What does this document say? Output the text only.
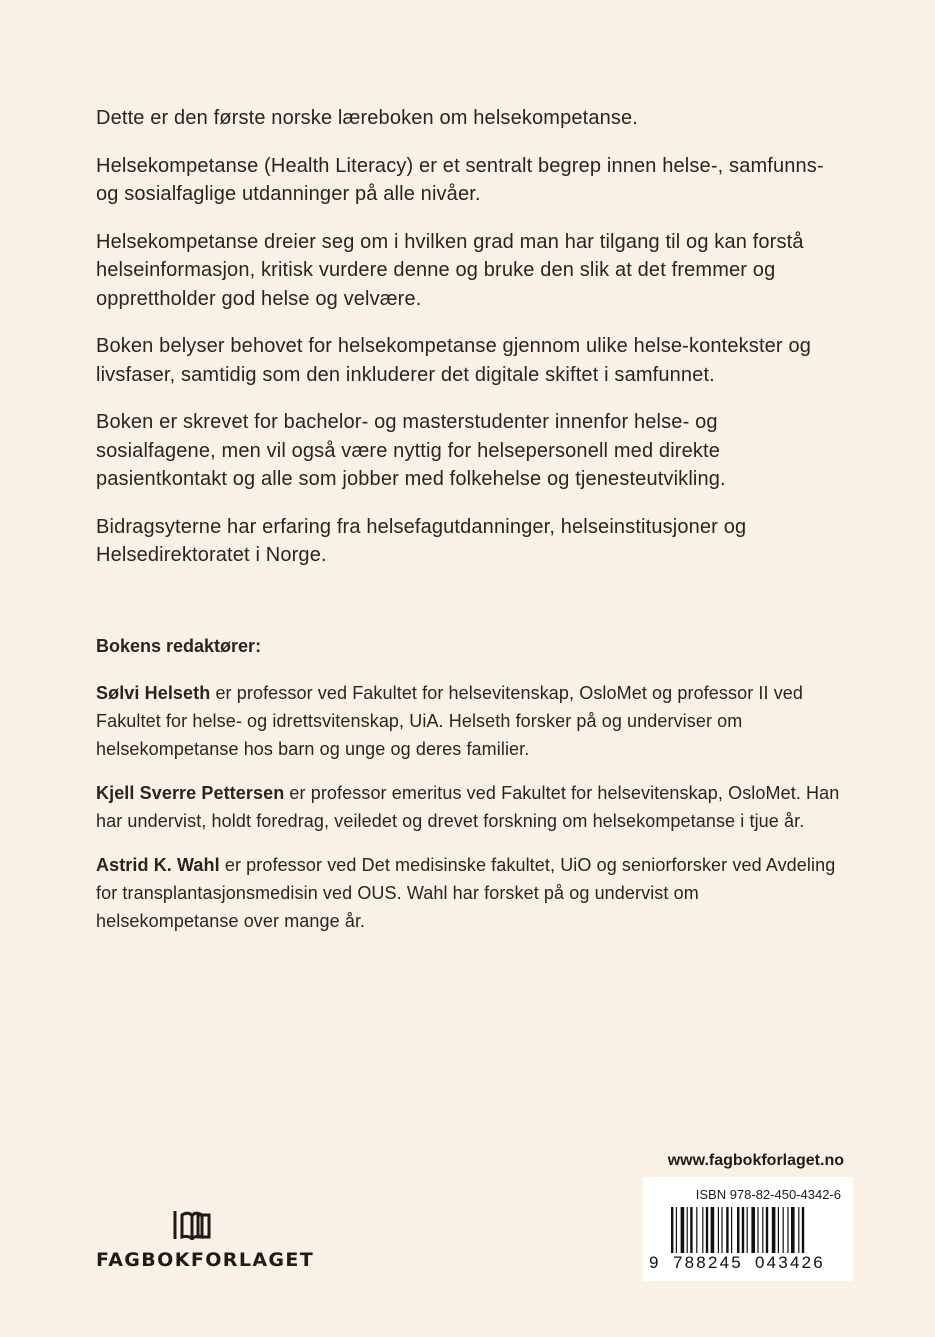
Dette er den første norske læreboken om helsekompetanse.

Helsekompetanse (Health Literacy) er et sentralt begrep innen helse-, samfunns- og sosialfaglige utdanninger på alle nivåer.

Helsekompetanse dreier seg om i hvilken grad man har tilgang til og kan forstå helseinformasjon, kritisk vurdere denne og bruke den slik at det fremmer og opprettholder god helse og velvære.

Boken belyser behovet for helsekompetanse gjennom ulike helse-kontekster og livsfaser, samtidig som den inkluderer det digitale skiftet i samfunnet.

Boken er skrevet for bachelor- og masterstudenter innenfor helse- og sosialfagene, men vil også være nyttig for helsepersonell med direkte pasientkontakt og alle som jobber med folkehelse og tjenesteutvikling.

Bidragsyterne har erfaring fra helsefagutdanninger, helseinstitusjoner og Helsedirektoratet i Norge.

Bokens redaktører:

Sølvi Helseth er professor ved Fakultet for helsevitenskap, OsloMet og professor II ved Fakultet for helse- og idrettsvitenskap, UiA. Helseth forsker på og underviser om helsekompetanse hos barn og unge og deres familier.

Kjell Sverre Pettersen er professor emeritus ved Fakultet for helsevitenskap, OsloMet. Han har undervist, holdt foredrag, veiledet og drevet forskning om helsekompetanse i tjue år.

Astrid K. Wahl er professor ved Det medisinske fakultet, UiO og seniorforsker ved Avdeling for transplantasjonsmedisin ved OUS. Wahl har forsket på og undervist om helsekompetanse over mange år.

www.fagbokforlaget.no
ISBN 978-82-450-4342-6
9 788245 043426
FAGBOKFORLAGET
